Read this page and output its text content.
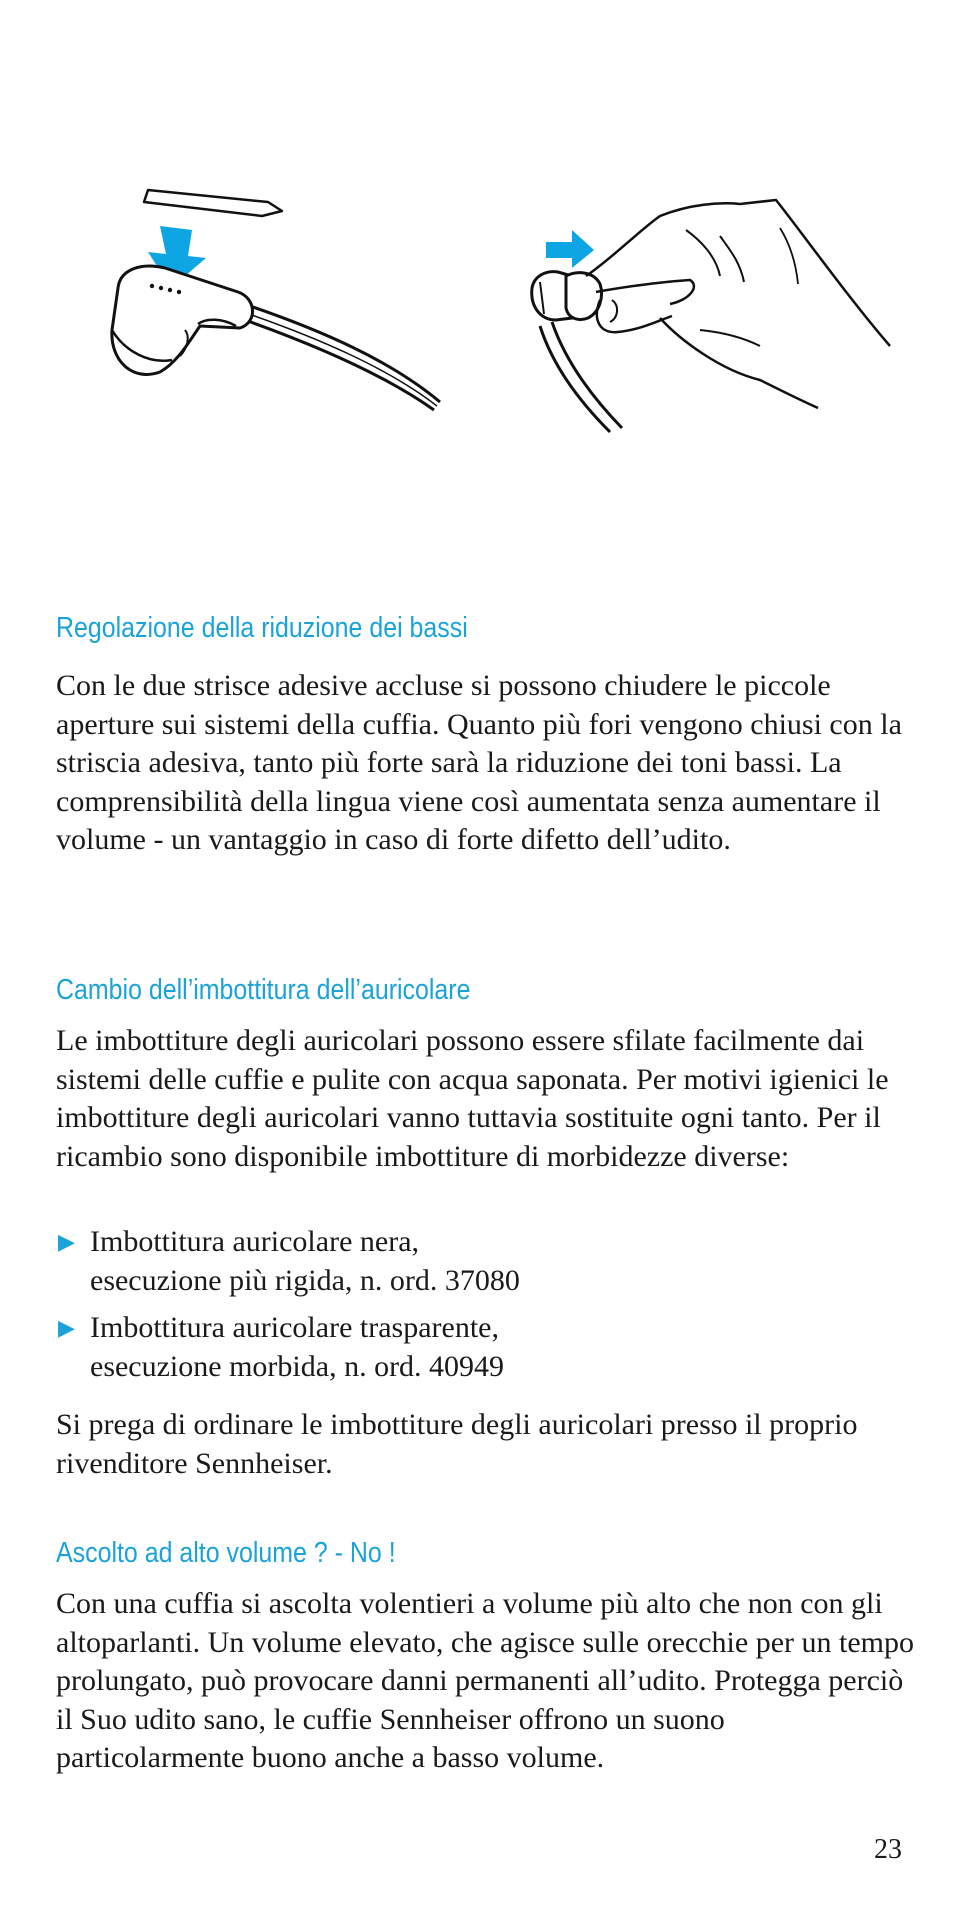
Regolazione della riduzione dei bassi

Con le due strisce adesive accluse si possono chiudere le piccole aperture sui sistemi della cuffia. Quanto più fori vengono chiusi con la striscia adesiva, tanto più forte sarà la riduzione dei toni bassi. La comprensibilità della lingua viene così aumentata senza aumentare il volume - un vantaggio in caso di forte difetto dell’udito.

Cambio dell’imbottitura dell’auricolare

Le imbottiture degli auricolari possono essere sfilate facilmente dai sistemi delle cuffie e pulite con acqua saponata. Per motivi igienici le imbottiture degli auricolari vanno tuttavia sostituite ogni tanto. Per il ricambio sono disponibile imbottiture di morbidezze diverse:

▶ Imbottitura auricolare nera,
esecuzione più rigida, n. ord. 37080
▶ Imbottitura auricolare trasparente,
esecuzione morbida, n. ord. 40949

Si prega di ordinare le imbottiture degli auricolari presso il proprio rivenditore Sennheiser.

Ascolto ad alto volume ? - No !

Con una cuffia si ascolta volentieri a volume più alto che non con gli altoparlanti. Un volume elevato, che agisce sulle orecchie per un tempo prolungato, può provocare danni permanenti all’udito. Protegga perciò il Suo udito sano, le cuffie Sennheiser offrono un suono particolarmente buono anche a basso volume.

23
